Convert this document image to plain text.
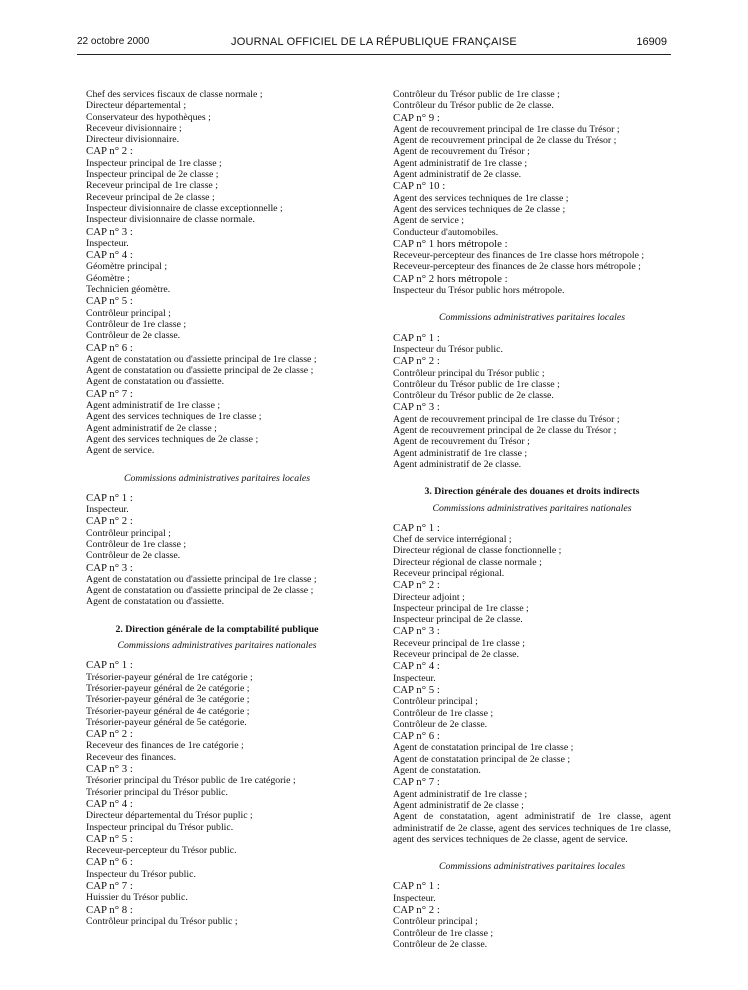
22 octobre 2000	JOURNAL OFFICIEL DE LA RÉPUBLIQUE FRANÇAISE	16909
Chef des services fiscaux de classe normale ;
Directeur départemental ;
Conservateur des hypothèques ;
Receveur divisionnaire ;
Directeur divisionnaire.
CAP n° 2 :
Inspecteur principal de 1re classe ;
Inspecteur principal de 2e classe ;
Receveur principal de 1re classe ;
Receveur principal de 2e classe ;
Inspecteur divisionnaire de classe exceptionnelle ;
Inspecteur divisionnaire de classe normale.
CAP n° 3 :
Inspecteur.
CAP n° 4 :
Géomètre principal ;
Géomètre ;
Technicien géomètre.
CAP n° 5 :
Contrôleur principal ;
Contrôleur de 1re classe ;
Contrôleur de 2e classe.
CAP n° 6 :
Agent de constatation ou d'assiette principal de 1re classe ;
Agent de constatation ou d'assiette principal de 2e classe ;
Agent de constatation ou d'assiette.
CAP n° 7 :
Agent administratif de 1re classe ;
Agent des services techniques de 1re classe ;
Agent administratif de 2e classe ;
Agent des services techniques de 2e classe ;
Agent de service.
Commissions administratives paritaires locales
CAP n° 1 :
Inspecteur.
CAP n° 2 :
Contrôleur principal ;
Contrôleur de 1re classe ;
Contrôleur de 2e classe.
CAP n° 3 :
Agent de constatation ou d'assiette principal de 1re classe ;
Agent de constatation ou d'assiette principal de 2e classe ;
Agent de constatation ou d'assiette.
2. Direction générale de la comptabilité publique
Commissions administratives paritaires nationales
CAP n° 1 :
Trésorier-payeur général de 1re catégorie ;
Trésorier-payeur général de 2e catégorie ;
Trésorier-payeur général de 3e catégorie ;
Trésorier-payeur général de 4e catégorie ;
Trésorier-payeur général de 5e catégorie.
CAP n° 2 :
Receveur des finances de 1re catégorie ;
Receveur des finances.
CAP n° 3 :
Trésorier principal du Trésor public de 1re catégorie ;
Trésorier principal du Trésor public.
CAP n° 4 :
Directeur départemental du Trésor puplic ;
Inspecteur principal du Trésor public.
CAP n° 5 :
Receveur-percepteur du Trésor public.
CAP n° 6 :
Inspecteur du Trésor public.
CAP n° 7 :
Huissier du Trésor public.
CAP n° 8 :
Contrôleur principal du Trésor public ;
Contrôleur du Trésor public de 1re classe ;
Contrôleur du Trésor public de 2e classe.
CAP n° 9 :
Agent de recouvrement principal de 1re classe du Trésor ;
Agent de recouvrement principal de 2e classe du Trésor ;
Agent de recouvrement du Trésor ;
Agent administratif de 1re classe ;
Agent administratif de 2e classe.
CAP n° 10 :
Agent des services techniques de 1re classe ;
Agent des services techniques de 2e classe ;
Agent de service ;
Conducteur d'automobiles.
CAP n° 1 hors métropole :
Receveur-percepteur des finances de 1re classe hors métropole ;
Receveur-percepteur des finances de 2e classe hors métropole ;
CAP n° 2 hors métropole :
Inspecteur du Trésor public hors métropole.
Commissions administratives paritaires locales
CAP n° 1 :
Inspecteur du Trésor public.
CAP n° 2 :
Contrôleur principal du Trésor public ;
Contrôleur du Trésor public de 1re classe ;
Contrôleur du Trésor public de 2e classe.
CAP n° 3 :
Agent de recouvrement principal de 1re classe du Trésor ;
Agent de recouvrement principal de 2e classe du Trésor ;
Agent de recouvrement du Trésor ;
Agent administratif de 1re classe ;
Agent administratif de 2e classe.
3. Direction générale des douanes et droits indirects
Commissions administratives paritaires nationales
CAP n° 1 :
Chef de service interrégional ;
Directeur régional de classe fonctionnelle ;
Directeur régional de classe normale ;
Receveur principal régional.
CAP n° 2 :
Directeur adjoint ;
Inspecteur principal de 1re classe ;
Inspecteur principal de 2e classe.
CAP n° 3 :
Receveur principal de 1re classe ;
Receveur principal de 2e classe.
CAP n° 4 :
Inspecteur.
CAP n° 5 :
Contrôleur principal ;
Contrôleur de 1re classe ;
Contrôleur de 2e classe.
CAP n° 6 :
Agent de constatation principal de 1re classe ;
Agent de constatation principal de 2e classe ;
Agent de constatation.
CAP n° 7 :
Agent administratif de 1re classe ;
Agent administratif de 2e classe ;
Agent de constatation, agent administratif de 1re classe, agent administratif de 2e classe, agent des services techniques de 1re classe, agent des services techniques de 2e classe, agent de service.
Commissions administratives paritaires locales
CAP n° 1 :
Inspecteur.
CAP n° 2 :
Contrôleur principal ;
Contrôleur de 1re classe ;
Contrôleur de 2e classe.
